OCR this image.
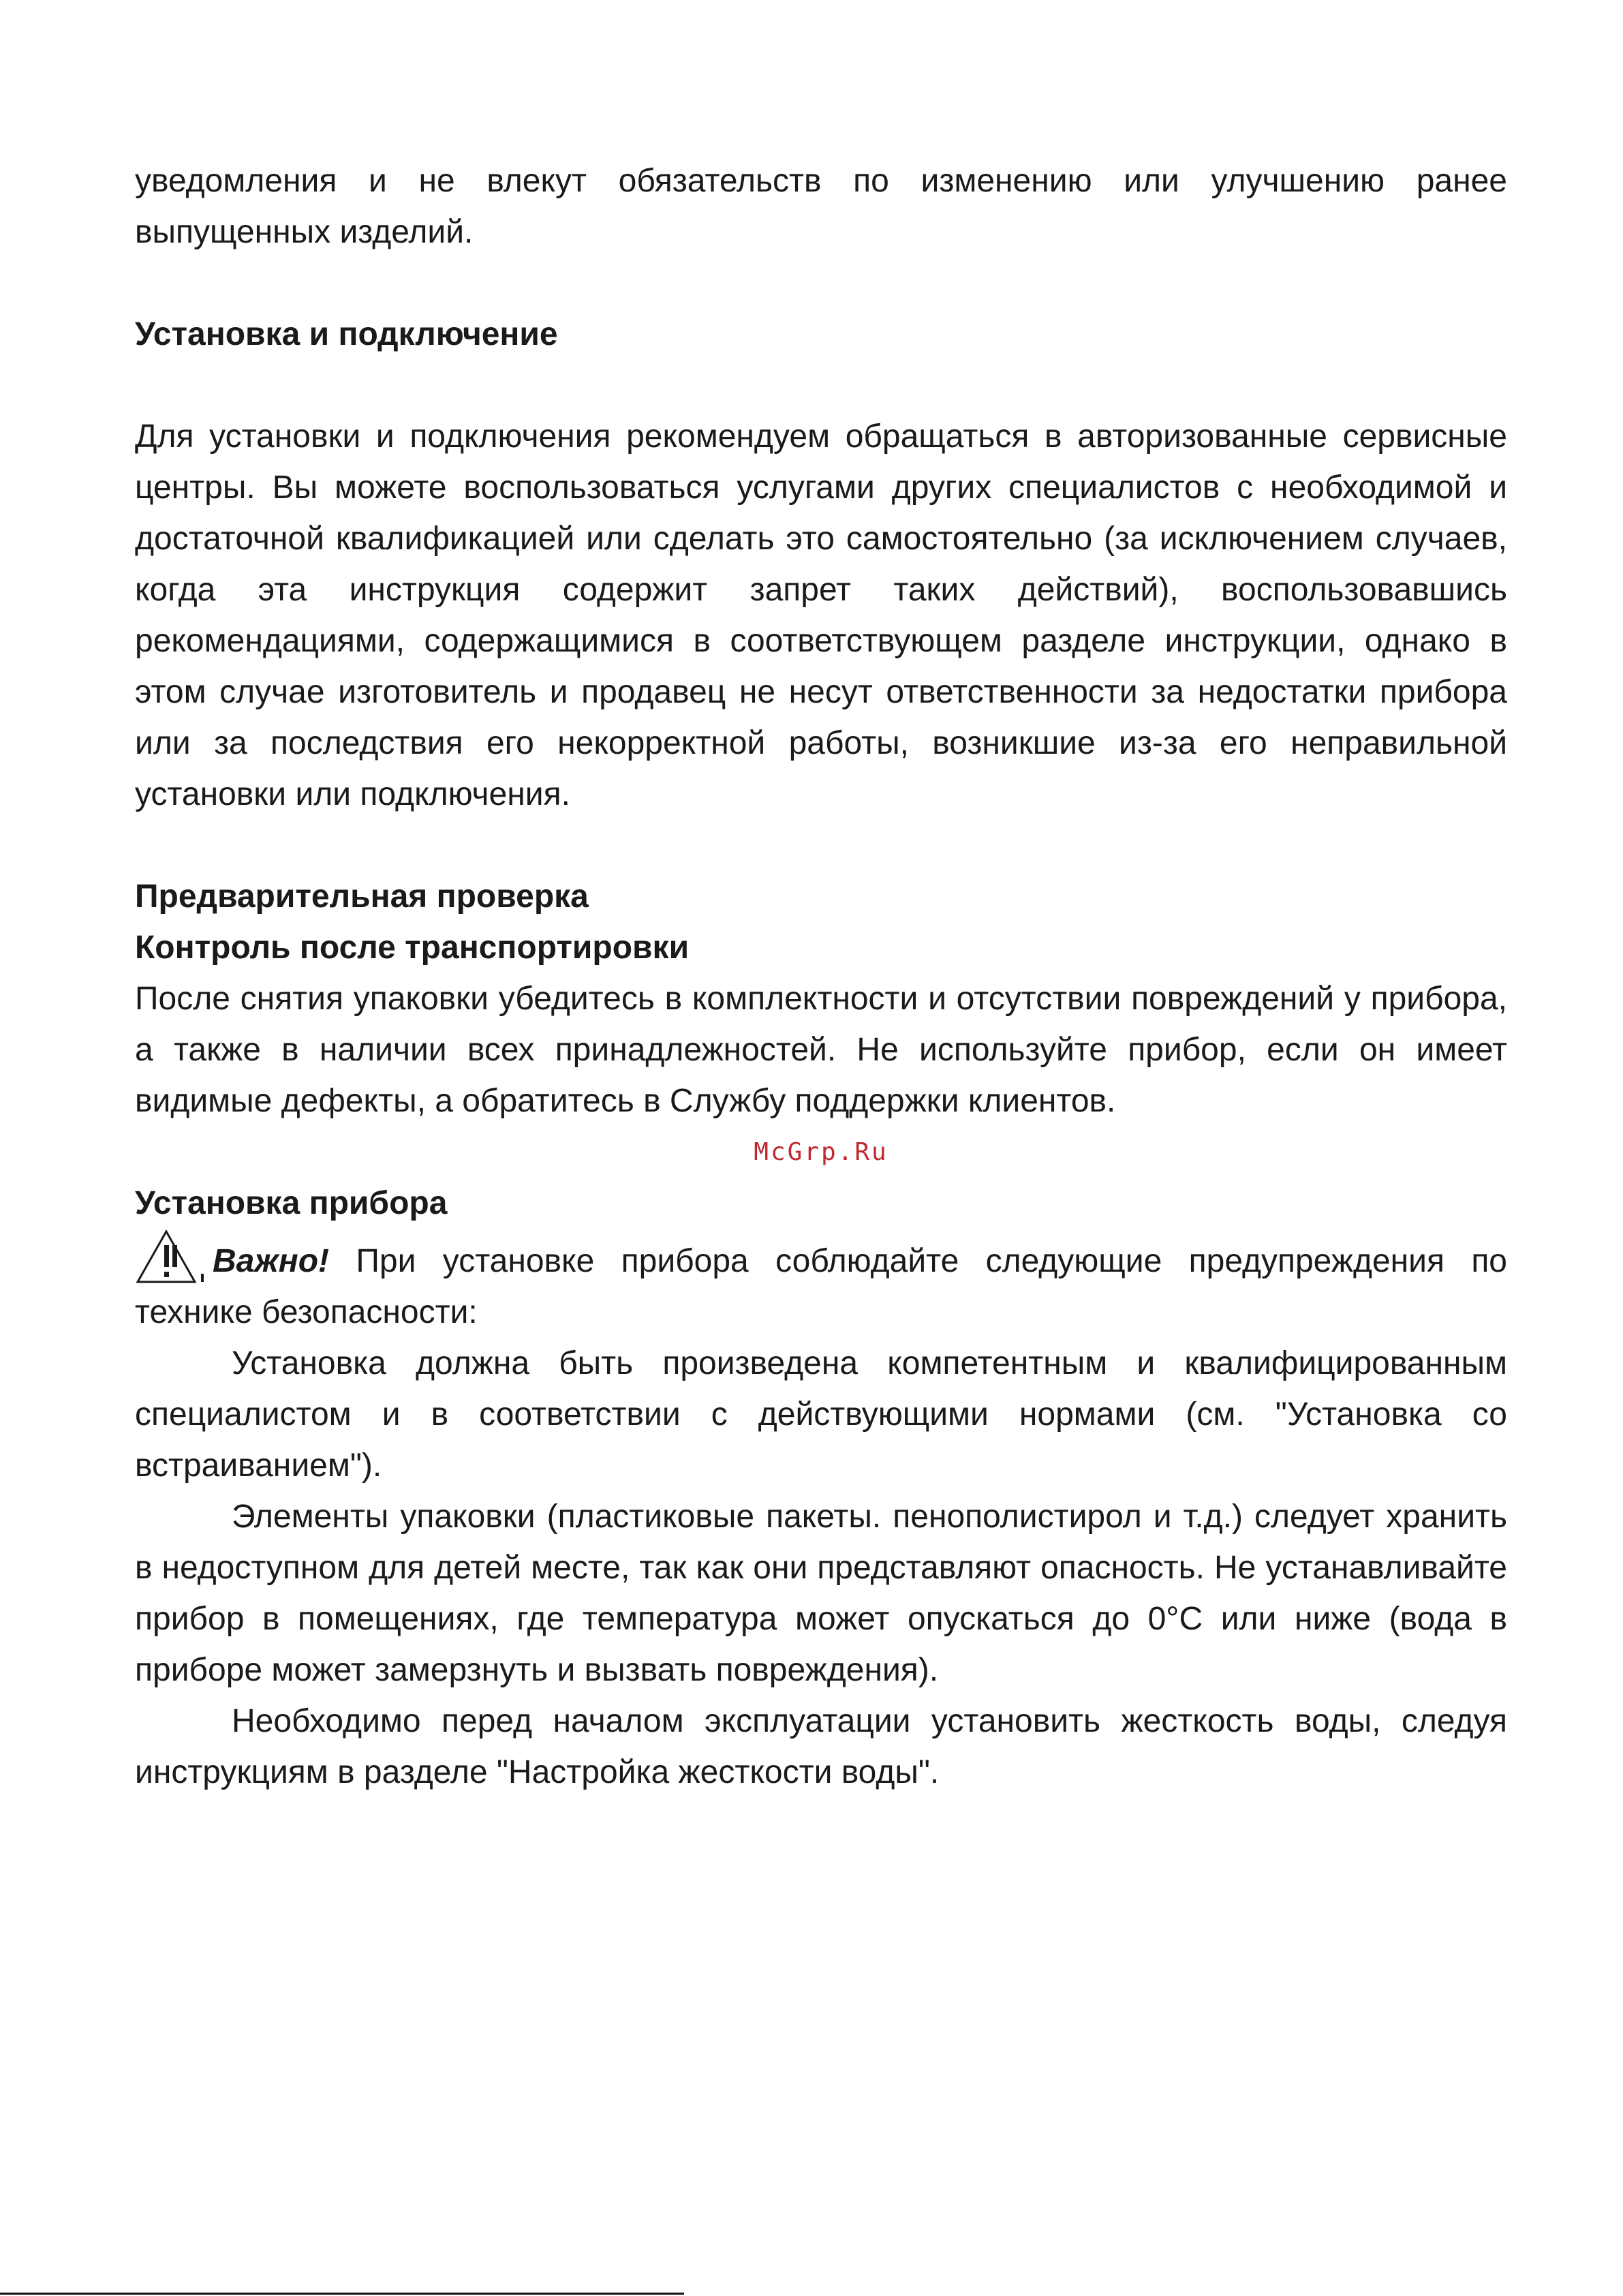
уведомления и не влекут обязательств по изменению или улучшению ранее выпущенных изделий.

Установка и подключение

Для установки и подключения рекомендуем обращаться в авторизованные сервисные центры. Вы можете воспользоваться услугами других специалистов с необходимой и достаточной квалификацией или сделать это самостоятельно (за исключением случаев, когда эта инструкция содержит запрет таких действий), воспользовавшись рекомендациями, содержащимися в соответствующем разделе инструкции, однако в этом случае изготовитель и продавец не несут ответственности за недостатки прибора или за последствия его некорректной работы, возникшие из-за его неправильной установки или подключения.

Предварительная проверка

Контроль после транспортировки

После снятия упаковки убедитесь в комплектности и отсутствии повреждений у прибора, а также в наличии всех принадлежностей. Не используйте прибор, если он имеет видимые дефекты, а обратитесь в Службу поддержки клиентов.

McGrp.Ru

Установка прибора

Важно! При установке прибора соблюдайте следующие предупреждения по технике безопасности:

Установка должна быть произведена компетентным и квалифицированным специалистом и в соответствии с действующими нормами (см. "Установка со встраиванием").

Элементы упаковки (пластиковые пакеты. пенополистирол и т.д.) следует хранить в недоступном для детей месте, так как они представляют опасность. Не устанавливайте прибор в помещениях, где температура может опускаться до 0°C или ниже (вода в приборе может замерзнуть и вызвать повреждения).

Необходимо перед началом эксплуатации установить жесткость воды, следуя инструкциям в разделе "Настройка жесткости воды".
